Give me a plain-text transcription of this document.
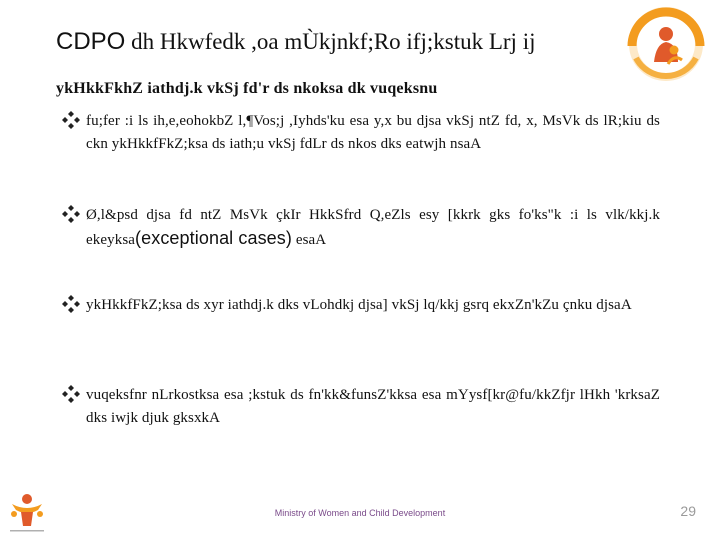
CDPO dh Hkwfedk ,oa mÙkjnkf;Ro ifj;kstuk Lrj ij
ykHkkFkhZ iathdj.k vkSj fd'r ds nkoksa dk vuqeksnu
fu;fer :i ls ih,e,eohokbZ l,¶Vos;j ,Iyhds'ku esa y,x bu djsa vkSj ntZ fd, x, MsVk ds lR;kiu ds ckn ykHkkfFkZ;ksa ds iath;u vkSj fdLr ds nkos dks eatwjh nsaA
Ø,l&psd djsa fd ntZ MsVk çkIr HkkSfrd Q,eZls esy [kkrk gks fo'ks"k :i ls vlk/kkj.k ekeyksa(exceptional cases) esaA
ykHkkfFkZ;ksa ds xyr iathdj.k dks vLohdkj djsa] vkSj lq/kkj gsrq ekxZn'kZu çnku djsaA
vuqeksfnr nLrkostksa esa ;kstuk ds fn'kk&funsZ'kksa esa mYysf[kr@fu/kkZfjr lHkh 'krksaZ dks iwjk djuk gksxkA
Ministry of Women and Child Development	29
